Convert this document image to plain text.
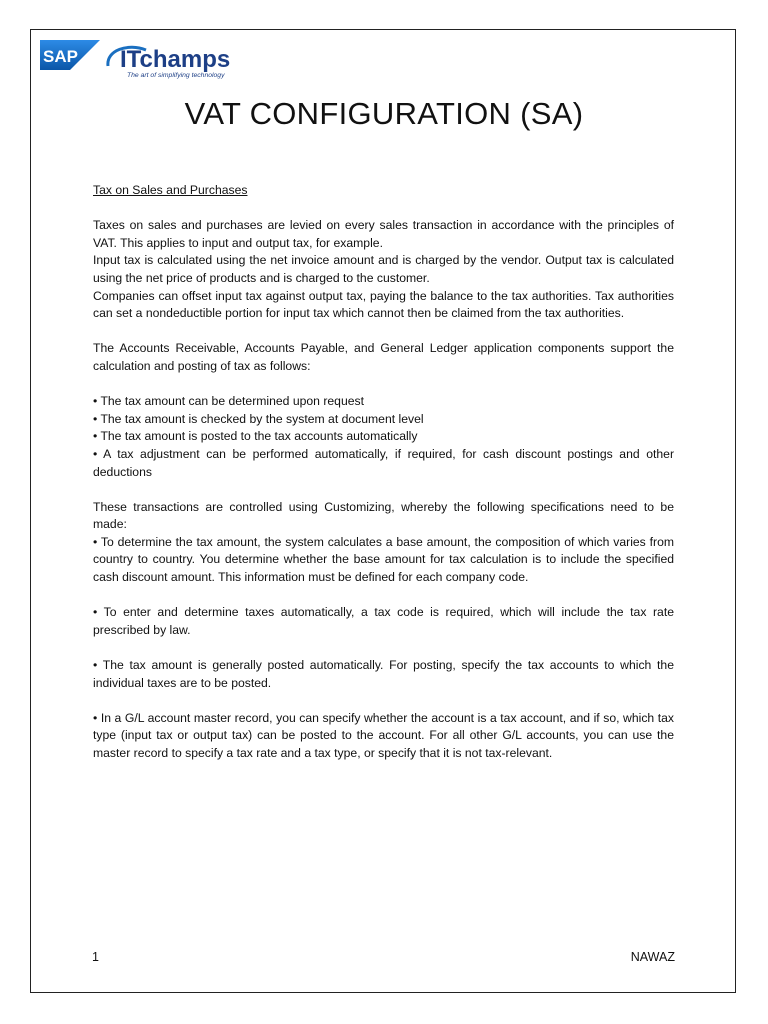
SAP ITchamps
The art of simplifying technology
VAT CONFIGURATION (SA)

Tax on Sales and Purchases

Taxes on sales and purchases are levied on every sales transaction in accordance with the principles of VAT. This applies to input and output tax, for example.

Input tax is calculated using the net invoice amount and is charged by the vendor. Output tax is calculated using the net price of products and is charged to the customer.

Companies can offset input tax against output tax, paying the balance to the tax authorities. Tax authorities can set a nondeductible portion for input tax which cannot then be claimed from the tax authorities.

The Accounts Receivable, Accounts Payable, and General Ledger application components support the calculation and posting of tax as follows:

• The tax amount can be determined upon request

• The tax amount is checked by the system at document level

• The tax amount is posted to the tax accounts automatically

• A tax adjustment can be performed automatically, if required, for cash discount postings and other deductions

These transactions are controlled using Customizing, whereby the following specifications need to be made:

• To determine the tax amount, the system calculates a base amount, the composition of which varies from country to country. You determine whether the base amount for tax calculation is to include the specified cash discount amount. This information must be defined for each company code.

• To enter and determine taxes automatically, a tax code is required, which will include the tax rate prescribed by law.

• The tax amount is generally posted automatically. For posting, specify the tax accounts to which the individual taxes are to be posted.

• In a G/L account master record, you can specify whether the account is a tax account, and if so, which tax type (input tax or output tax) can be posted to the account. For all other G/L accounts, you can use the master record to specify a tax rate and a tax type, or specify that it is not tax-relevant.

1	NAWAZ
